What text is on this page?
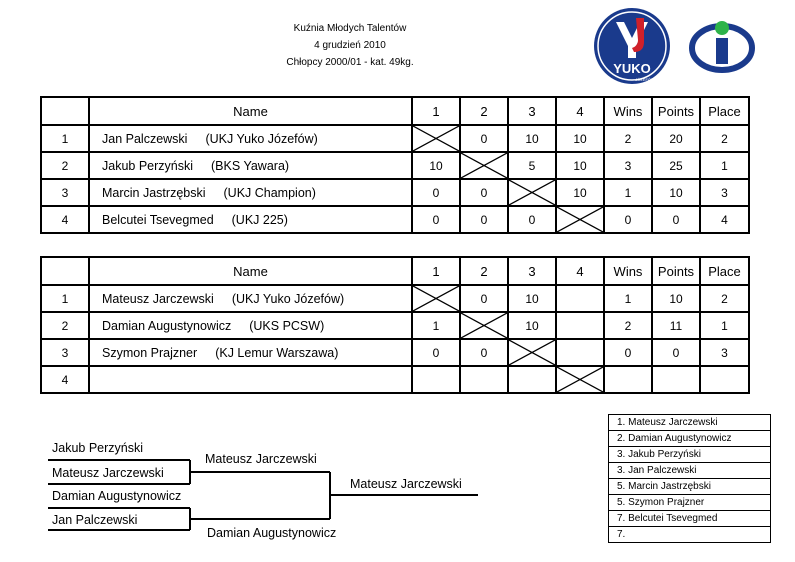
Kuźnia Młodych Talentów
4 grudzień 2010
Chłopcy 2000/01 - kat. 49kg.	YUKO
JÓZEFÓW
	Name	1	2	3	4	Wins	Points	Place
1	Jan Palczewski (UKJ Yuko Józefów)		0	10	10	2	20	2
2	Jakub Perzyński (BKS Yawara)	10		5	10	3	25	1
3	Marcin Jastrzębski (UKJ Champion)	0	0		10	1	10	3
4	Belcutei Tsevegmed (UKJ 225)	0	0	0		0	0	4
	Name	1	2	3	4	Wins	Points	Place
1	Mateusz Jarczewski (UKJ Yuko Józefów)		0	10		1	10	2
2	Damian Augustynowicz (UKS PCSW)	1		10		2	11	1
3	Szymon Prajzner (KJ Lemur Warszawa)	0	0			0	0	3
4					

Jakub Perzyński
Mateusz Jarczewski
Damian Augustynowicz
Jan Palczewski
Mateusz Jarczewski
Damian Augustynowicz
Mateusz Jarczewski
1. Mateusz Jarczewski
2. Damian Augustynowicz
3. Jakub Perzyński
3. Jan Palczewski
5. Marcin Jastrzębski
5. Szymon Prajzner
7. Belcutei Tsevegmed
7.
